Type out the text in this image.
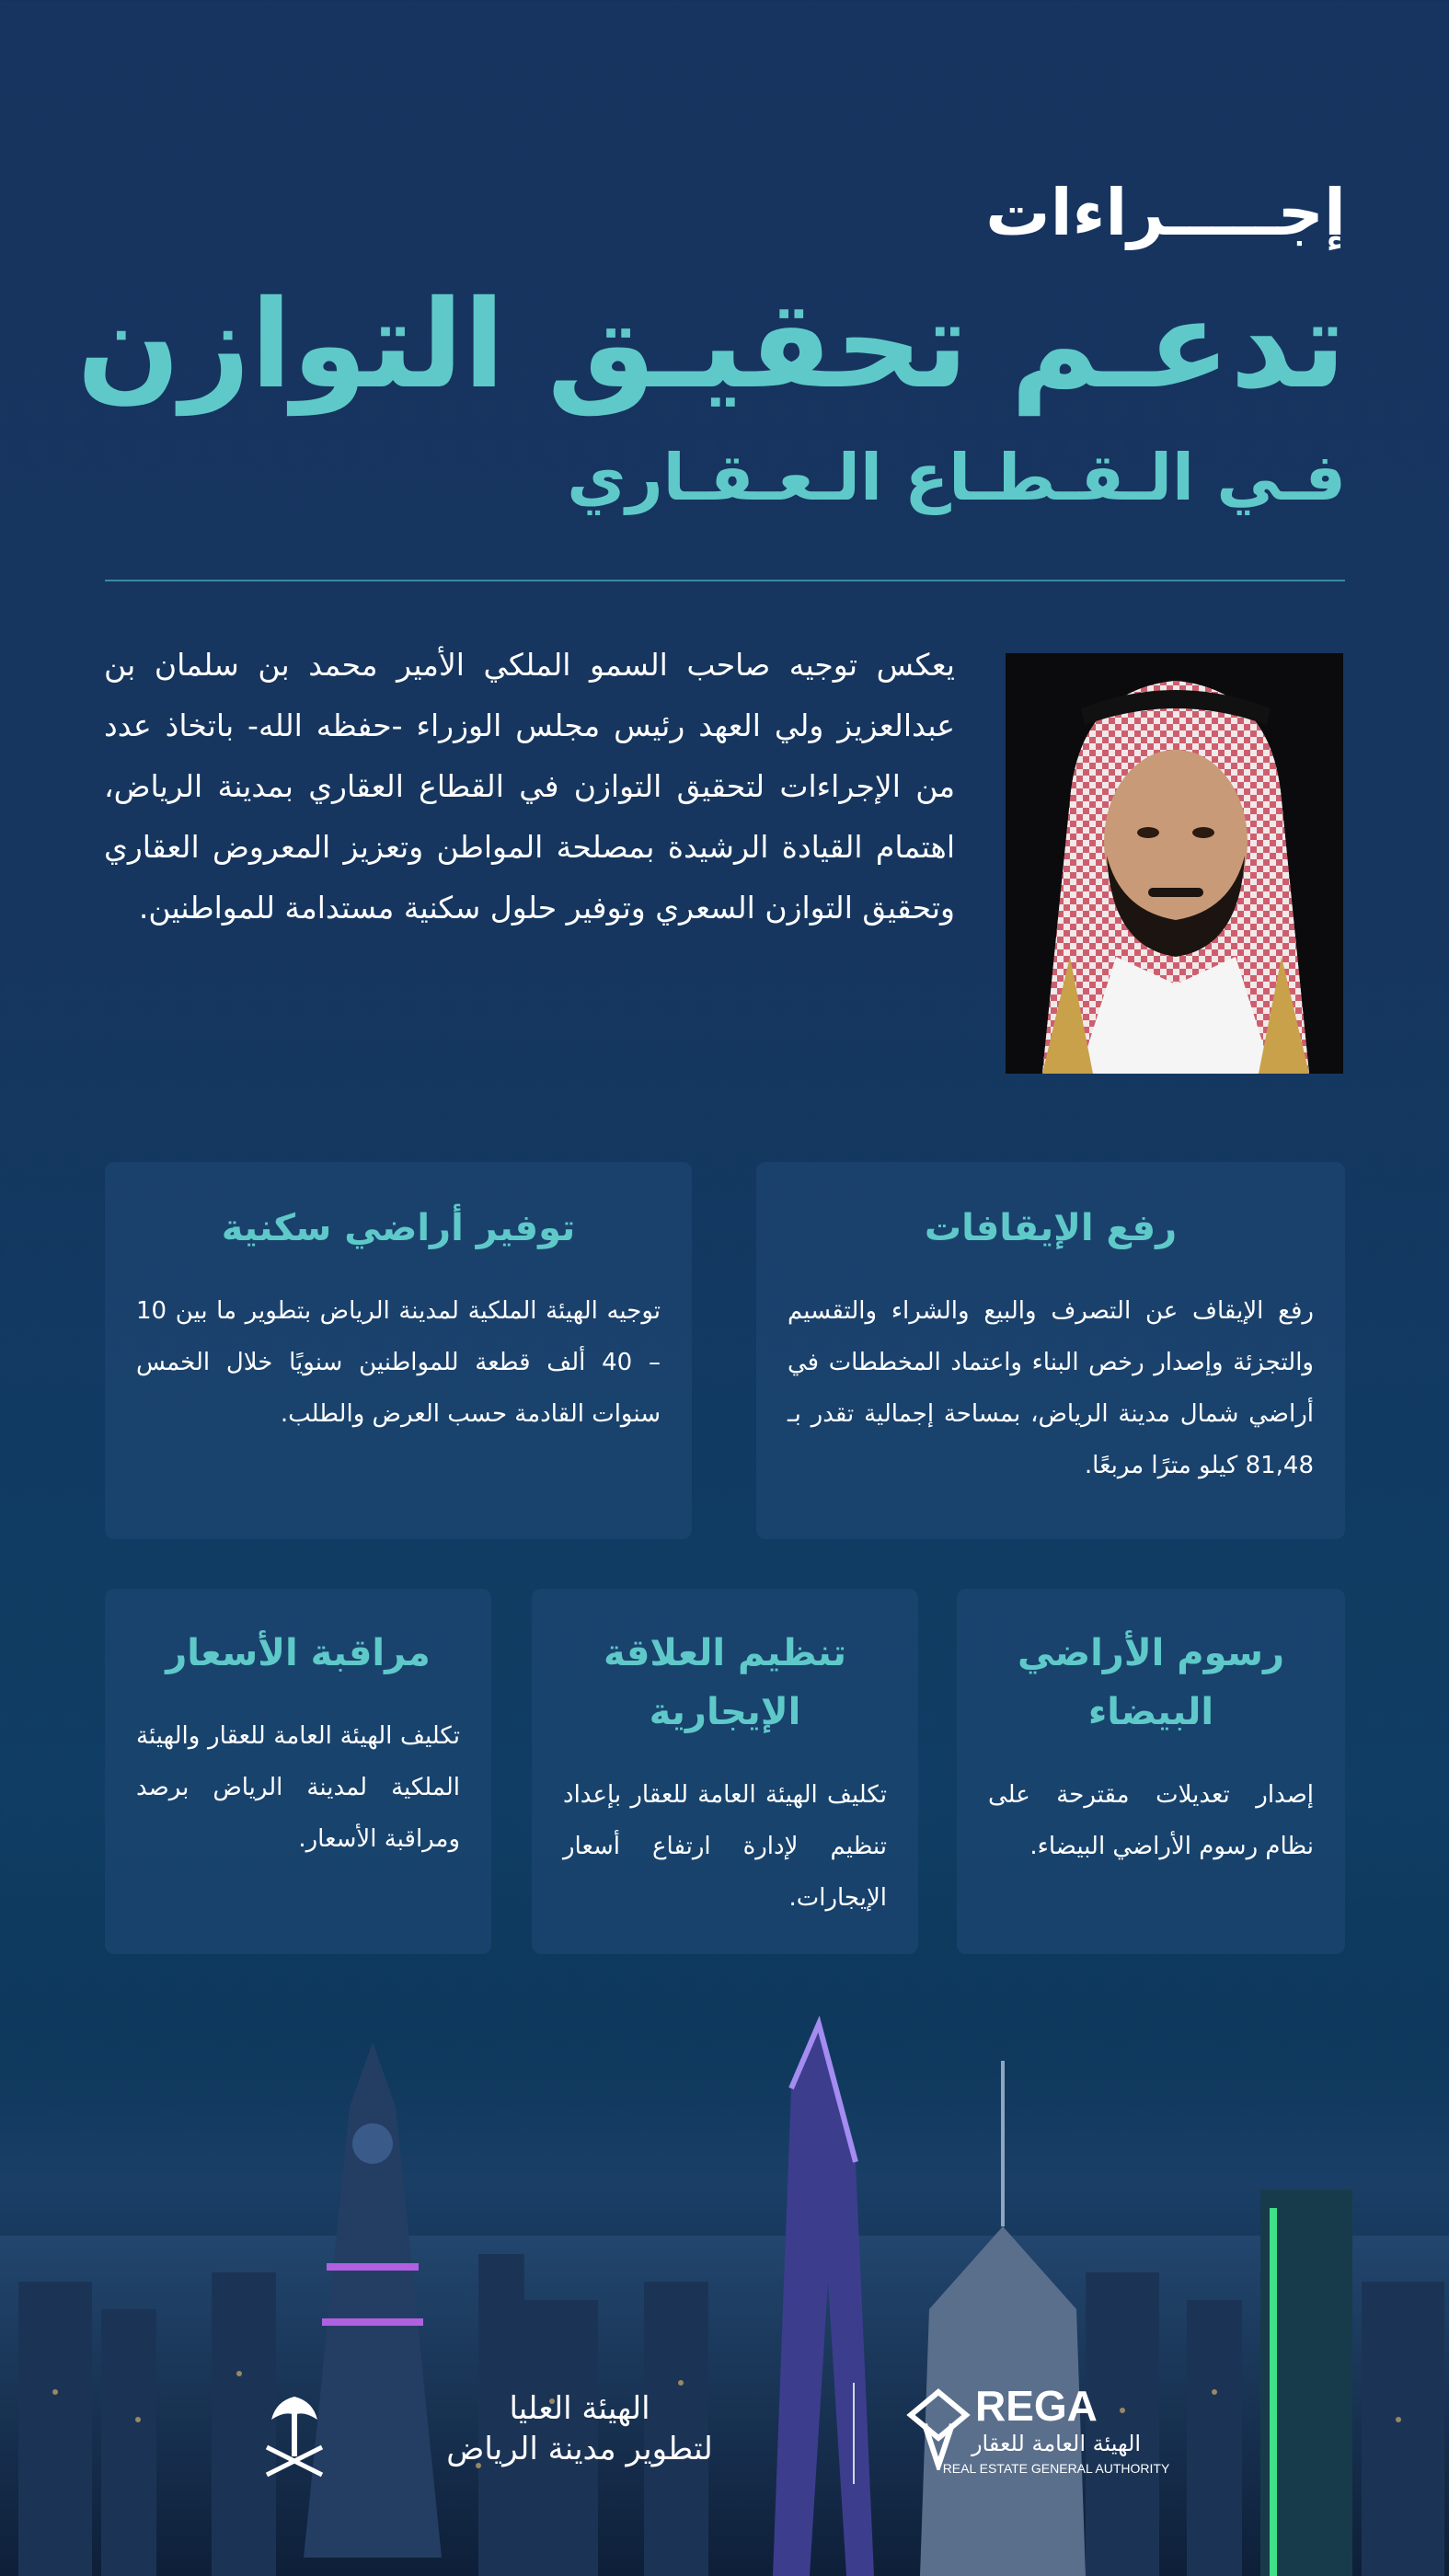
إجـــــراءات
تدعـم تحقيـق التوازن
فـي الـقـطـاع الـعـقـاري

يعكس توجيه صاحب السمو الملكي الأمير محمد بن سلمان بن عبدالعزيز ولي العهد رئيس مجلس الوزراء -حفظه الله- باتخاذ عدد من الإجراءات لتحقيق التوازن في القطاع العقاري بمدينة الرياض، اهتمام القيادة الرشيدة بمصلحة المواطن وتعزيز المعروض العقاري وتحقيق التوازن السعري وتوفير حلول سكنية مستدامة للمواطنين.

رفع الإيقافات

رفع الإيقاف عن التصرف والبيع والشراء والتقسيم والتجزئة وإصدار رخص البناء واعتماد المخططات في أراضي شمال مدينة الرياض، بمساحة إجمالية تقدر بـ 81,48 كيلو مترًا مربعًا.

توفير أراضي سكنية

توجيه الهيئة الملكية لمدينة الرياض بتطوير ما بين 10 – 40 ألف قطعة للمواطنين سنويًا خلال الخمس سنوات القادمة حسب العرض والطلب.

رسوم الأراضي البيضاء

إصدار تعديلات مقترحة على نظام رسوم الأراضي البيضاء.

تنظيم العلاقة الإيجارية

تكليف الهيئة العامة للعقار بإعداد تنظيم لإدارة ارتفاع أسعار الإيجارات.

مراقبة الأسعار

تكليف الهيئة العامة للعقار والهيئة الملكية لمدينة الرياض برصد ومراقبة الأسعار.

الهيئة العليا
لتطوير مدينة الرياض
REGA
الهيئة العامة للعقار
REAL ESTATE GENERAL AUTHORITY
